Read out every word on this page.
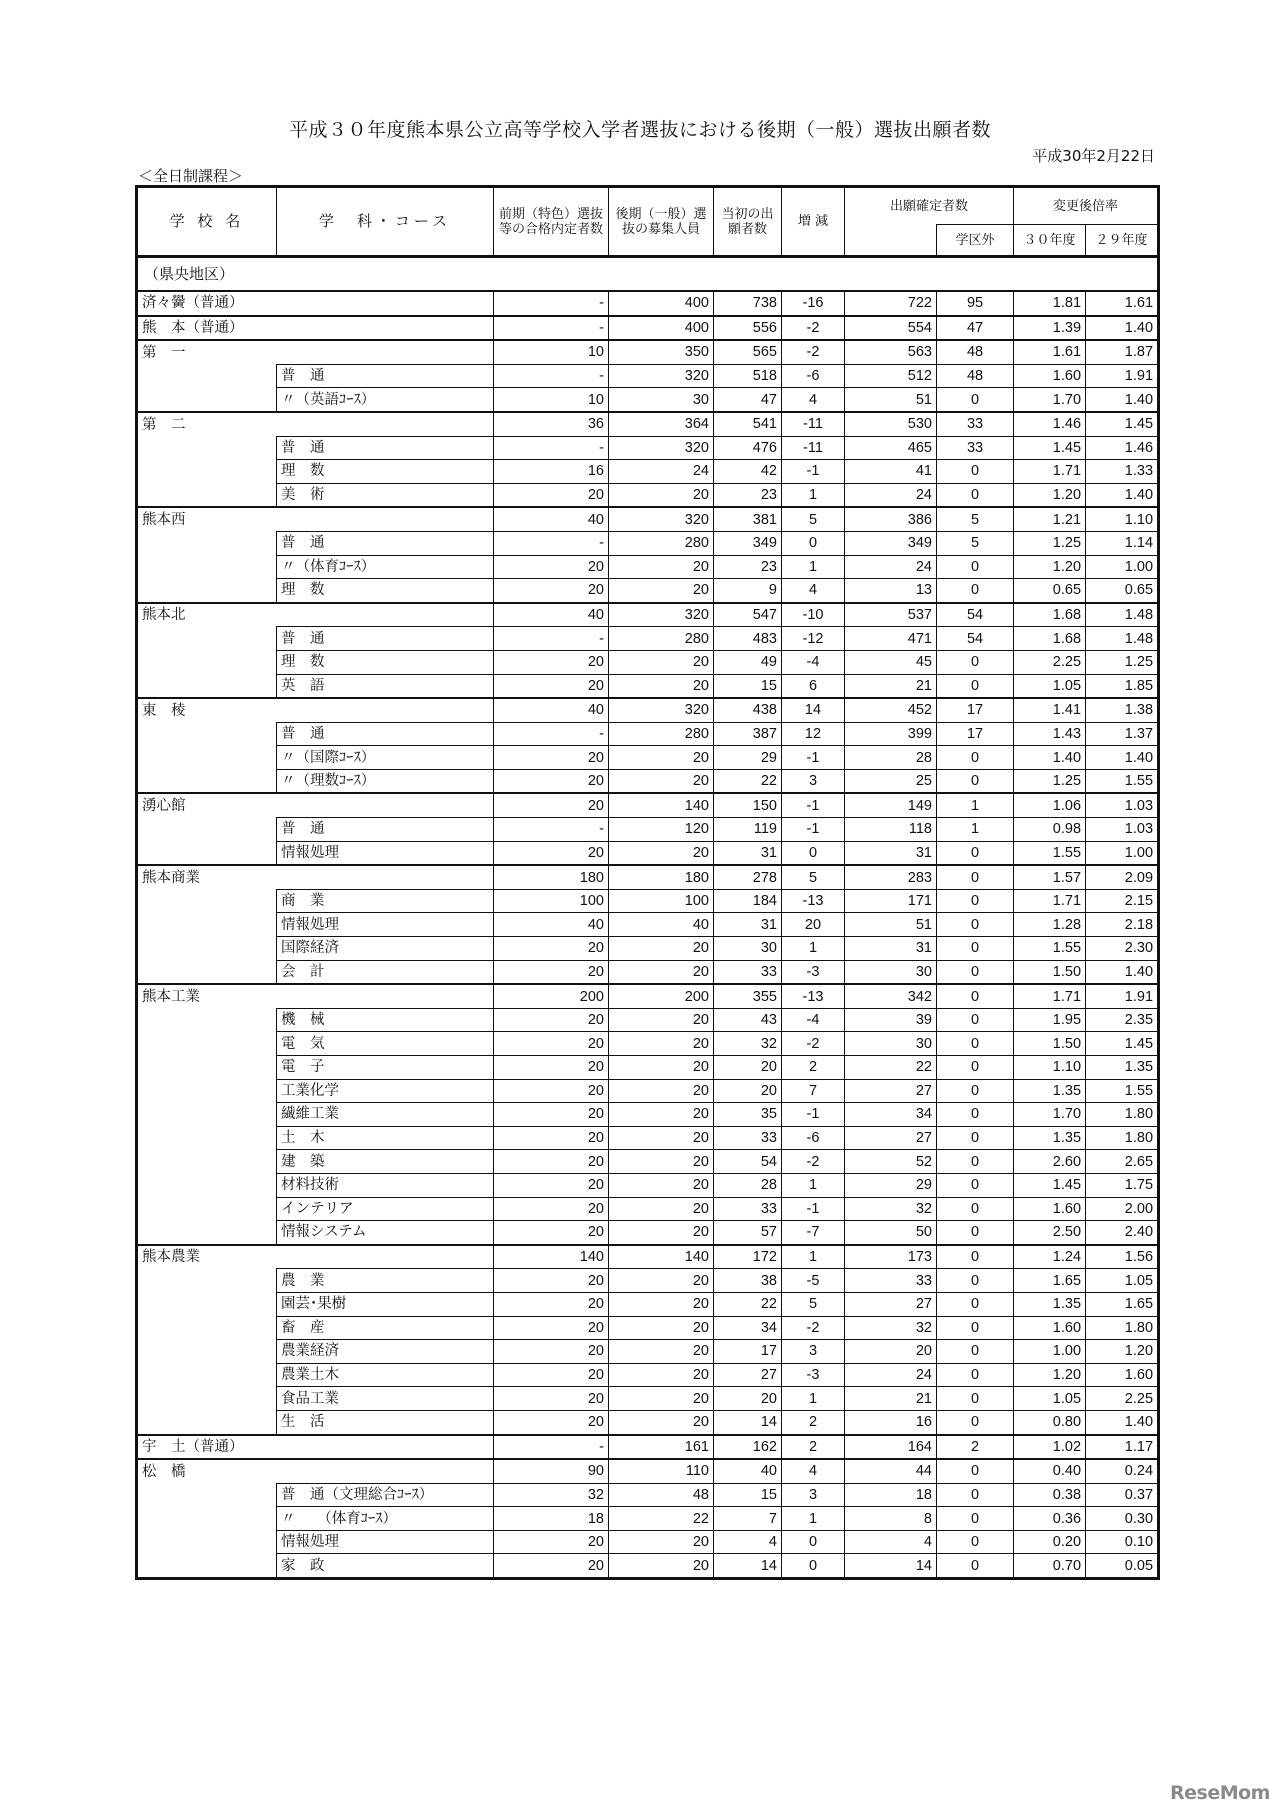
平成３０年度熊本県公立高等学校入学者選抜における後期（一般）選抜出願者数
平成30年2月22日
＜全日制課程＞
学 校 名	学　科・コース	前期（特色）選抜等の合格内定者数	後期（一般）選抜の募集人員	当初の出願者数	増 減	出願確定者数		変更後倍率	
							学区外	３０年度	２９年度
（県央地区）									
済々黌（普通）		-	400	738	-16	722	95	1.81	1.61
熊　本（普通）		-	400	556	-2	554	47	1.39	1.40
第　一		10	350	565	-2	563	48	1.61	1.87
	普　通	-	320	518	-6	512	48	1.60	1.91
	〃（英語ｺｰｽ）	10	30	47	4	51	0	1.70	1.40
第　二		36	364	541	-11	530	33	1.46	1.45
	普　通	-	320	476	-11	465	33	1.45	1.46
	理　数	16	24	42	-1	41	0	1.71	1.33
	美　術	20	20	23	1	24	0	1.20	1.40
熊本西		40	320	381	5	386	5	1.21	1.10
	普　通	-	280	349	0	349	5	1.25	1.14
	〃（体育ｺｰｽ）	20	20	23	1	24	0	1.20	1.00
	理　数	20	20	9	4	13	0	0.65	0.65
熊本北		40	320	547	-10	537	54	1.68	1.48
	普　通	-	280	483	-12	471	54	1.68	1.48
	理　数	20	20	49	-4	45	0	2.25	1.25
	英　語	20	20	15	6	21	0	1.05	1.85
東　稜		40	320	438	14	452	17	1.41	1.38
	普　通	-	280	387	12	399	17	1.43	1.37
	〃（国際ｺｰｽ）	20	20	29	-1	28	0	1.40	1.40
	〃（理数ｺｰｽ）	20	20	22	3	25	0	1.25	1.55
湧心館		20	140	150	-1	149	1	1.06	1.03
	普　通	-	120	119	-1	118	1	0.98	1.03
	情報処理	20	20	31	0	31	0	1.55	1.00
熊本商業		180	180	278	5	283	0	1.57	2.09
	商　業	100	100	184	-13	171	0	1.71	2.15
	情報処理	40	40	31	20	51	0	1.28	2.18
	国際経済	20	20	30	1	31	0	1.55	2.30
	会　計	20	20	33	-3	30	0	1.50	1.40
熊本工業		200	200	355	-13	342	0	1.71	1.91
	機　械	20	20	43	-4	39	0	1.95	2.35
	電　気	20	20	32	-2	30	0	1.50	1.45
	電　子	20	20	20	2	22	0	1.10	1.35
	工業化学	20	20	20	7	27	0	1.35	1.55
	繊維工業	20	20	35	-1	34	0	1.70	1.80
	土　木	20	20	33	-6	27	0	1.35	1.80
	建　築	20	20	54	-2	52	0	2.60	2.65
	材料技術	20	20	28	1	29	0	1.45	1.75
	インテリア	20	20	33	-1	32	0	1.60	2.00
	情報システム	20	20	57	-7	50	0	2.50	2.40
熊本農業		140	140	172	1	173	0	1.24	1.56
	農　業	20	20	38	-5	33	0	1.65	1.05
	園芸･果樹	20	20	22	5	27	0	1.35	1.65
	畜　産	20	20	34	-2	32	0	1.60	1.80
	農業経済	20	20	17	3	20	0	1.00	1.20
	農業土木	20	20	27	-3	24	0	1.20	1.60
	食品工業	20	20	20	1	21	0	1.05	2.25
	生　活	20	20	14	2	16	0	0.80	1.40
宇　土（普通）		-	161	162	2	164	2	1.02	1.17
松　橋		90	110	40	4	44	0	0.40	0.24
	普　通（文理総合ｺｰｽ）	32	48	15	3	18	0	0.38	0.37
	〃　　（体育ｺｰｽ）	18	22	7	1	8	0	0.36	0.30
	情報処理	20	20	4	0	4	0	0.20	0.10
	家　政	20	20	14	0	14	0	0.70	0.05
ReseMom
